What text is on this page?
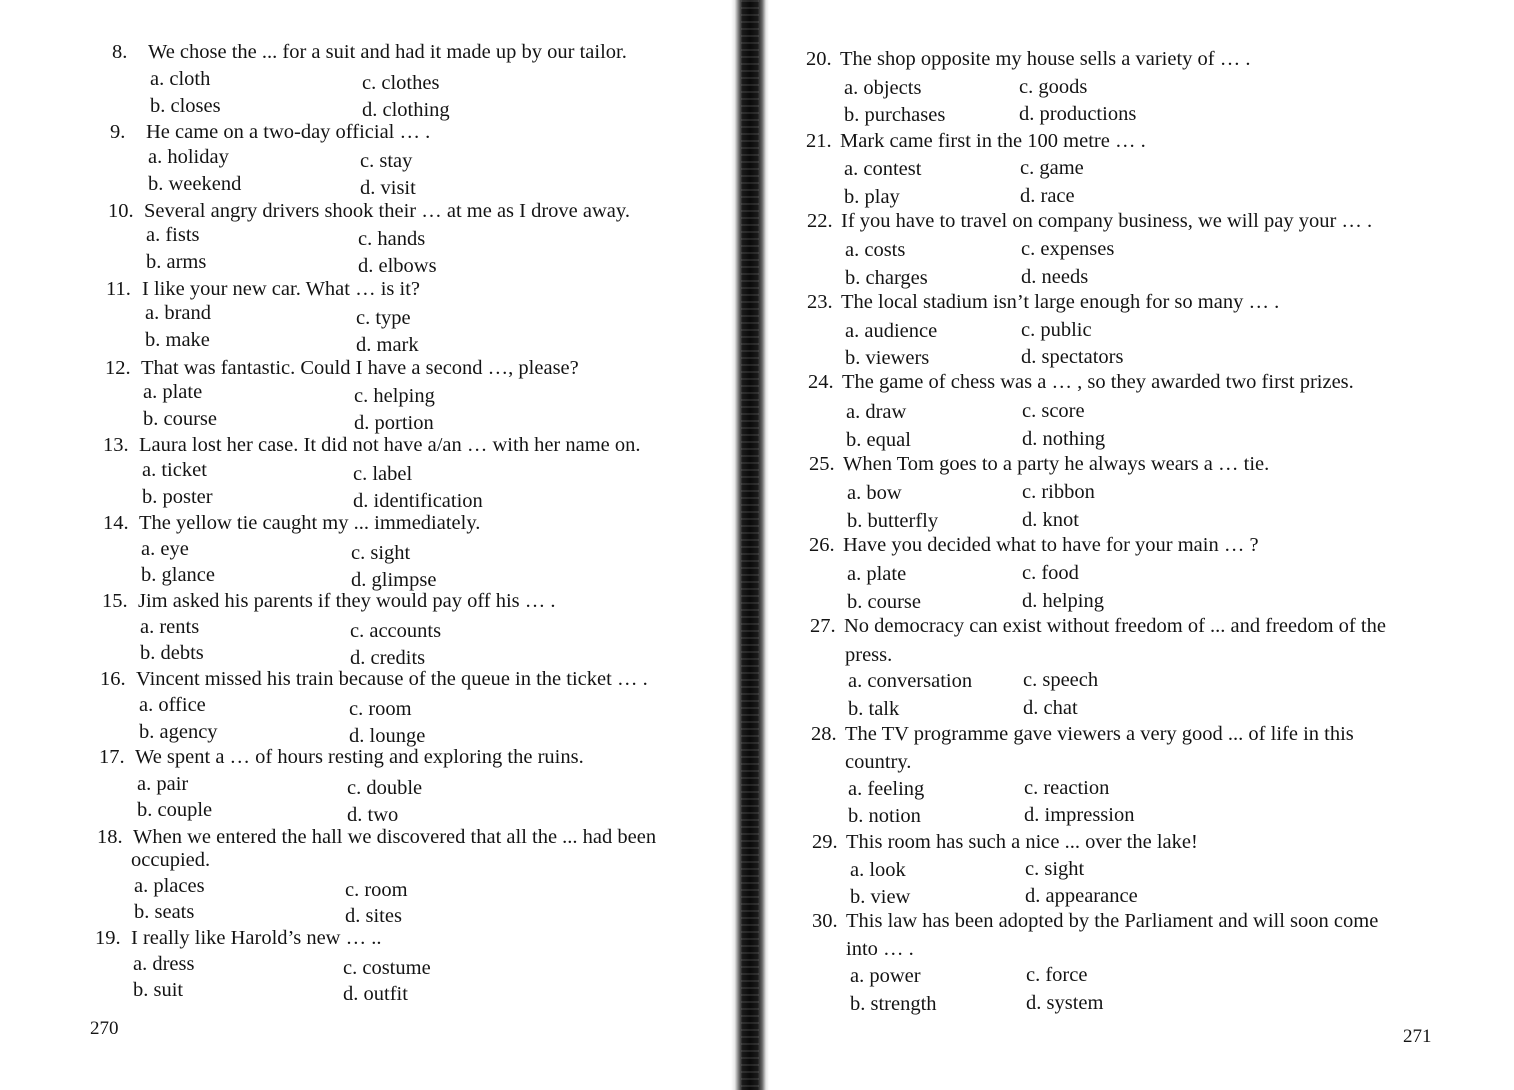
8. We chose the ... for a suit and had it made up by our tailor.
a. cloth	c. clothes
b. closes	d. clothing
9. He came on a two-day official … .
a. holiday	c. stay
b. weekend	d. visit
10. Several angry drivers shook their … at me as I drove away.
a. fists	c. hands
b. arms	d. elbows
11. I like your new car. What … is it?
a. brand	c. type
b. make	d. mark
12. That was fantastic. Could I have a second …, please?
a. plate	c. helping
b. course	d. portion
13. Laura lost her case. It did not have a/an … with her name on.
a. ticket	c. label
b. poster	d. identification
14. The yellow tie caught my ... immediately.
a. eye	c. sight
b. glance	d. glimpse
15. Jim asked his parents if they would pay off his … .
a. rents	c. accounts
b. debts	d. credits
16. Vincent missed his train because of the queue in the ticket … .
a. office	c. room
b. agency	d. lounge
17. We spent a … of hours resting and exploring the ruins.
a. pair	c. double
b. couple	d. two
18. When we entered the hall we discovered that all the ... had been
occupied.
a. places	c. room
b. seats	d. sites
19. I really like Harold’s new … ..
a. dress	c. costume
b. suit	d. outfit
270
20. The shop opposite my house sells a variety of … .
a. objects	c. goods
b. purchases	d. productions
21. Mark came first in the 100 metre … .
a. contest	c. game
b. play	d. race
22. If you have to travel on company business, we will pay your … .
a. costs	c. expenses
b. charges	d. needs
23. The local stadium isn’t large enough for so many … .
a. audience	c. public
b. viewers	d. spectators
24. The game of chess was a … , so they awarded two first prizes.
a. draw	c. score
b. equal	d. nothing
25. When Tom goes to a party he always wears a … tie.
a. bow	c. ribbon
b. butterfly	d. knot
26. Have you decided what to have for your main … ?
a. plate	c. food
b. course	d. helping
27. No democracy can exist without freedom of ... and freedom of the
press.
a. conversation c. speech
b. talk	d. chat
28. The TV programme gave viewers a very good ... of life in this
country.
a. feeling	c. reaction
b. notion	d. impression
29. This room has such a nice ... over the lake!
a. look	c. sight
b. view	d. appearance
30. This law has been adopted by the Parliament and will soon come
into … .
a. power	c. force
b. strength	d. system
271
